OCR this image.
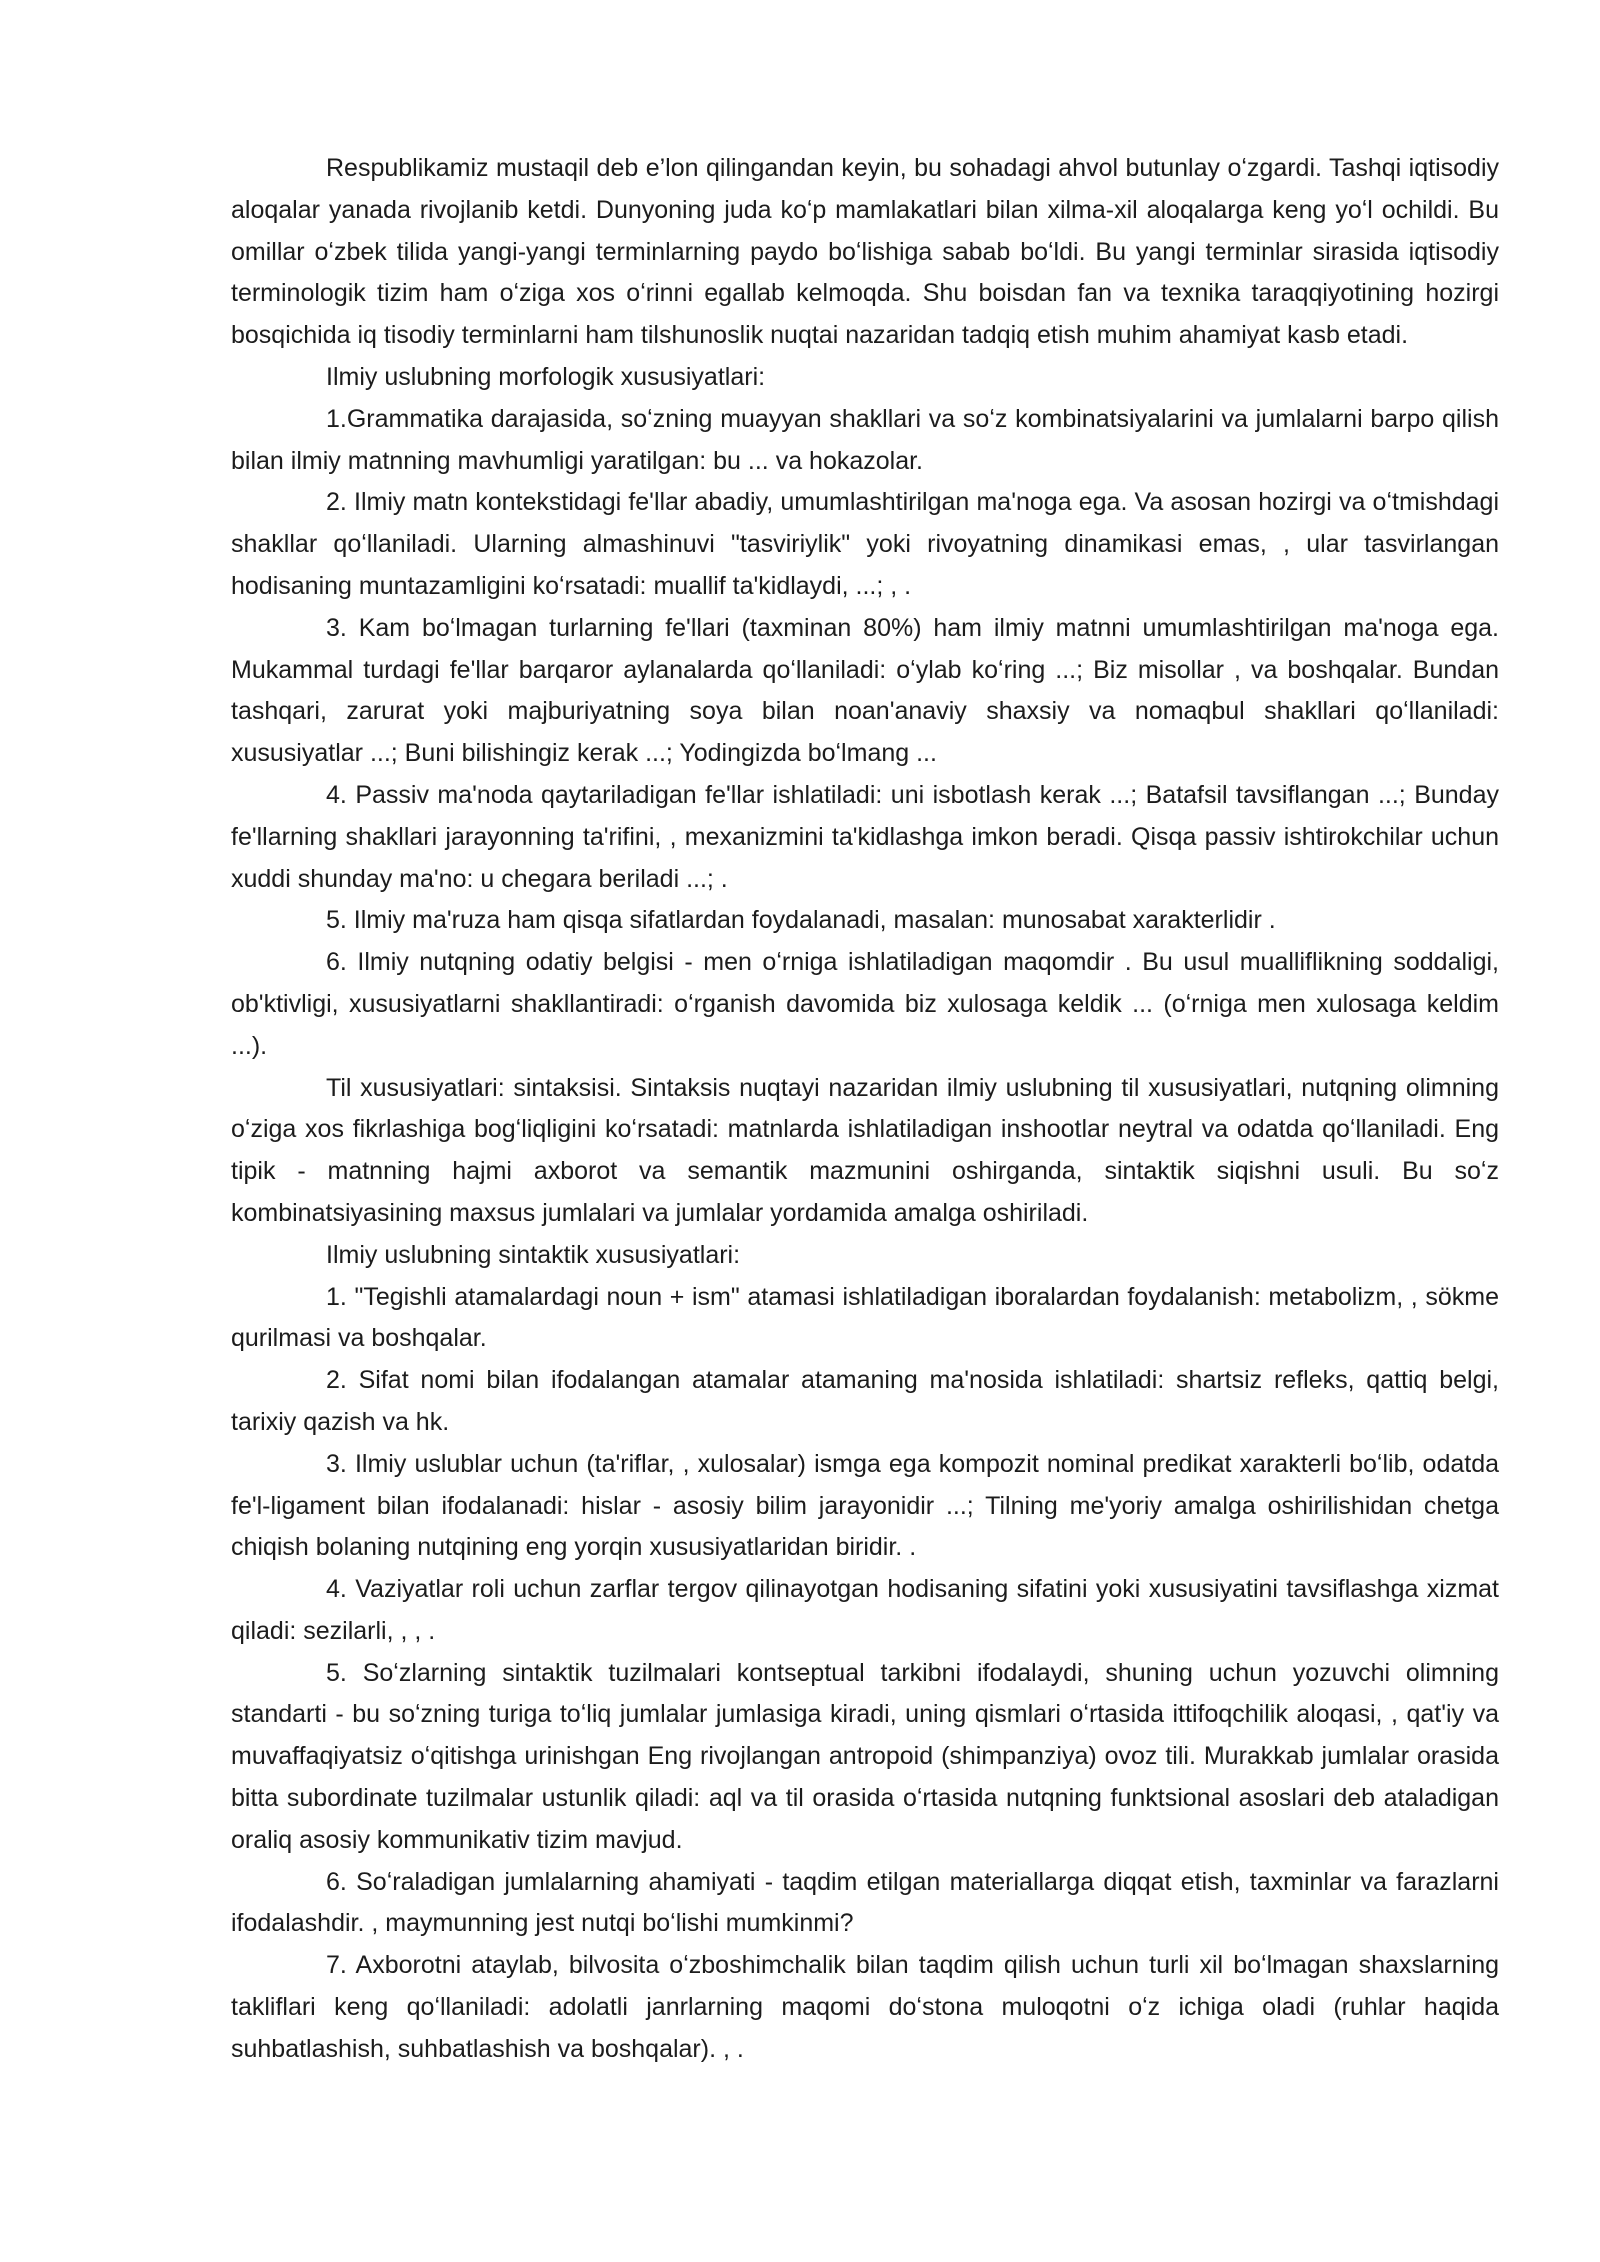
Respublikamiz mustaqil deb e’lon qilingandan keyin, bu sohadagi ahvol butunlay oʻzgardi. Tashqi iqtisodiy aloqalar yanada rivojlanib ketdi. Dunyoning juda koʻp mamlakatlari bilan xilma-xil aloqalarga keng yoʻl ochildi. Bu omillar oʻzbek tilida yangi-yangi terminlarning paydo boʻlishiga sabab boʻldi. Bu yangi terminlar sirasida iqtisodiy terminologik tizim ham oʻziga xos oʻrinni egallab kelmoqda. Shu boisdan fan va texnika taraqqiyotining hozirgi bosqichida iq tisodiy terminlarni ham tilshunoslik nuqtai nazaridan tadqiq etish muhim ahamiyat kasb etadi.

Ilmiy uslubning morfologik xususiyatlari:

1.Grammatika darajasida, soʻzning muayyan shakllari va soʻz kombinatsiyalarini va jumlalarni barpo qilish bilan ilmiy matnning mavhumligi yaratilgan: bu ... va hokazolar.

2. Ilmiy matn kontekstidagi fe'llar abadiy, umumlashtirilgan ma'noga ega. Va asosan hozirgi va oʻtmishdagi shakllar qoʻllaniladi. Ularning almashinuvi "tasviriylik" yoki rivoyatning dinamikasi emas, , ular tasvirlangan hodisaning muntazamligini koʻrsatadi: muallif ta'kidlaydi, ...; , .

3. Kam boʻlmagan turlarning fe'llari (taxminan 80%) ham ilmiy matnni umumlashtirilgan ma'noga ega. Mukammal turdagi fe'llar barqaror aylanalarda qoʻllaniladi: oʻylab koʻring ...; Biz misollar , va boshqalar. Bundan tashqari, zarurat yoki majburiyatning soya bilan noan'anaviy shaxsiy va nomaqbul shakllari qoʻllaniladi: xususiyatlar ...; Buni bilishingiz kerak ...; Yodingizda boʻlmang ...

4. Passiv ma'noda qaytariladigan fe'llar ishlatiladi: uni isbotlash kerak ...; Batafsil tavsiflangan ...; Bunday fe'llarning shakllari jarayonning ta'rifini, , mexanizmini ta'kidlashga imkon beradi. Qisqa passiv ishtirokchilar uchun xuddi shunday ma'no: u chegara beriladi ...; .

5. Ilmiy ma'ruza ham qisqa sifatlardan foydalanadi, masalan: munosabat xarakterlidir .

6. Ilmiy nutqning odatiy belgisi - men oʻrniga ishlatiladigan maqomdir . Bu usul mualliflikning soddaligi, ob'ktivligi, xususiyatlarni shakllantiradi: oʻrganish davomida biz xulosaga keldik ... (oʻrniga men xulosaga keldim ...).

Til xususiyatlari: sintaksisi. Sintaksis nuqtayi nazaridan ilmiy uslubning til xususiyatlari, nutqning olimning oʻziga xos fikrlashiga bogʻliqligini koʻrsatadi: matnlarda ishlatiladigan inshootlar neytral va odatda qoʻllaniladi. Eng tipik - matnning hajmi axborot va semantik mazmunini oshirganda, sintaktik siqishni usuli. Bu soʻz kombinatsiyasining maxsus jumlalari va jumlalar yordamida amalga oshiriladi.

Ilmiy uslubning sintaktik xususiyatlari:

1. "Tegishli atamalardagi noun + ism" atamasi ishlatiladigan iboralardan foydalanish: metabolizm, , sökme qurilmasi va boshqalar.

2. Sifat nomi bilan ifodalangan atamalar atamaning ma'nosida ishlatiladi: shartsiz refleks, qattiq belgi, tarixiy qazish va hk.

3. Ilmiy uslublar uchun (ta'riflar, , xulosalar) ismga ega kompozit nominal predikat xarakterli boʻlib, odatda fe'l-ligament bilan ifodalanadi: hislar - asosiy bilim jarayonidir ...; Tilning me'yoriy amalga oshirilishidan chetga chiqish bolaning nutqining eng yorqin xususiyatlaridan biridir. .

4. Vaziyatlar roli uchun zarflar tergov qilinayotgan hodisaning sifatini yoki xususiyatini tavsiflashga xizmat qiladi: sezilarli, , , .

5. Soʻzlarning sintaktik tuzilmalari kontseptual tarkibni ifodalaydi, shuning uchun yozuvchi olimning standarti - bu soʻzning turiga toʻliq jumlalar jumlasiga kiradi, uning qismlari oʻrtasida ittifoqchilik aloqasi, , qat'iy va muvaffaqiyatsiz oʻqitishga urinishgan Eng rivojlangan antropoid (shimpanziya) ovoz tili. Murakkab jumlalar orasida bitta subordinate tuzilmalar ustunlik qiladi: aql va til orasida oʻrtasida nutqning funktsional asoslari deb ataladigan oraliq asosiy kommunikativ tizim mavjud.

6. Soʻraladigan jumlalarning ahamiyati - taqdim etilgan materiallarga diqqat etish, taxminlar va farazlarni ifodalashdir. , maymunning jest nutqi boʻlishi mumkinmi?

7. Axborotni ataylab, bilvosita oʻzboshimchalik bilan taqdim qilish uchun turli xil boʻlmagan shaxslarning takliflari keng qoʻllaniladi: adolatli janrlarning maqomi doʻstona muloqotni oʻz ichiga oladi (ruhlar haqida suhbatlashish, suhbatlashish va boshqalar). , .
